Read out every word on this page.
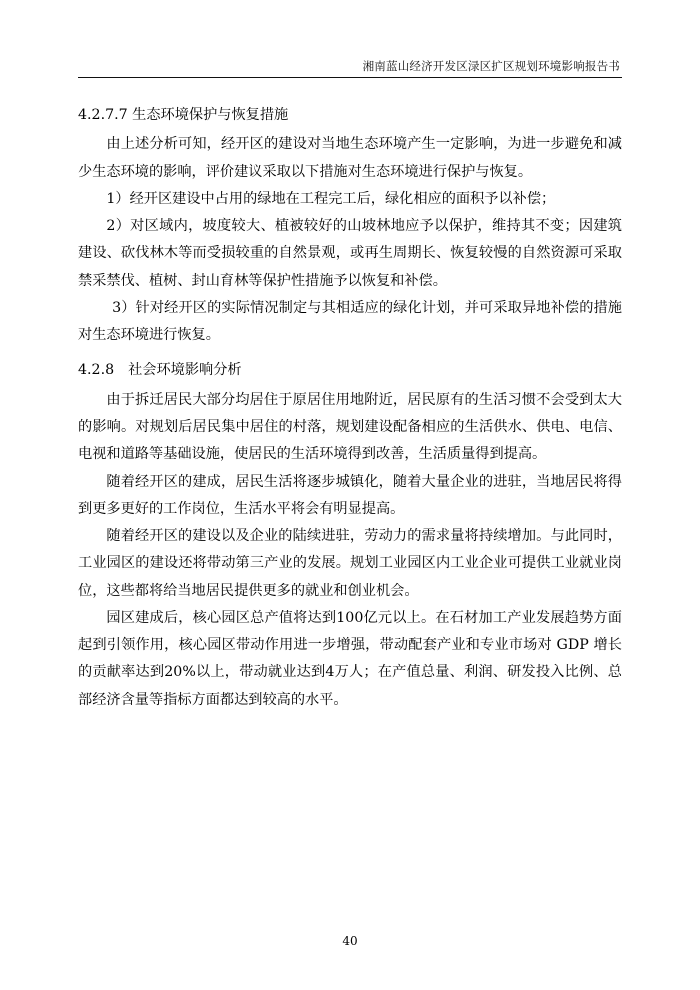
湘南蓝山经济开发区渌区扩区规划环境影响报告书
4.2.7.7 生态环境保护与恢复措施

由上述分析可知，经开区的建设对当地生态环境产生一定影响，为进一步避免和减少生态环境的影响，评价建议采取以下措施对生态环境进行保护与恢复。

1）经开区建设中占用的绿地在工程完工后，绿化相应的面积予以补偿；

2）对区域内，坡度较大、植被较好的山坡林地应予以保护，维持其不变；因建筑建设、砍伐林木等而受损较重的自然景观，或再生周期长、恢复较慢的自然资源可采取禁采禁伐、植树、封山育林等保护性措施予以恢复和补偿。

3）针对经开区的实际情况制定与其相适应的绿化计划，并可采取异地补偿的措施对生态环境进行恢复。

4.2.8 社会环境影响分析

由于拆迁居民大部分均居住于原居住用地附近，居民原有的生活习惯不会受到太大的影响。对规划后居民集中居住的村落，规划建设配备相应的生活供水、供电、电信、电视和道路等基础设施，使居民的生活环境得到改善，生活质量得到提高。

随着经开区的建成，居民生活将逐步城镇化，随着大量企业的进驻，当地居民将得到更多更好的工作岗位，生活水平将会有明显提高。

随着经开区的建设以及企业的陆续进驻，劳动力的需求量将持续增加。与此同时，工业园区的建设还将带动第三产业的发展。规划工业园区内工业企业可提供工业就业岗位，这些都将给当地居民提供更多的就业和创业机会。

园区建成后，核心园区总产值将达到100亿元以上。在石材加工产业发展趋势方面起到引领作用，核心园区带动作用进一步增强，带动配套产业和专业市场对 GDP 增长的贡献率达到20%以上，带动就业达到4万人；在产值总量、利润、研发投入比例、总部经济含量等指标方面都达到较高的水平。

40
